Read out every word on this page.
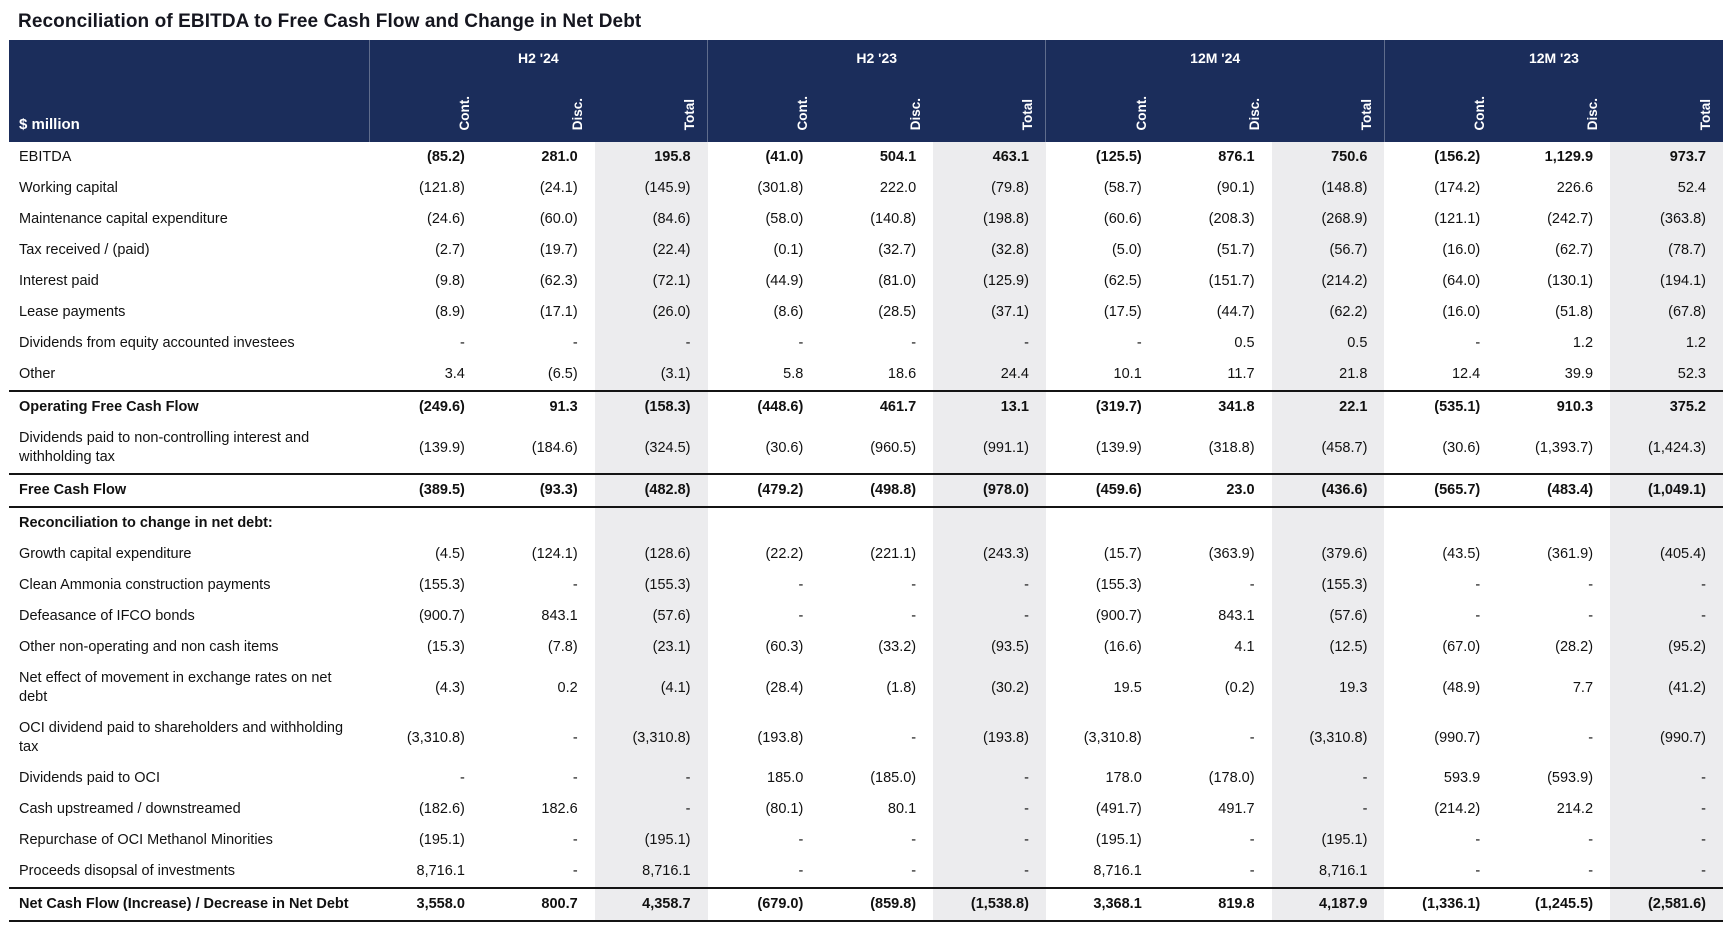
Reconciliation of EBITDA to Free Cash Flow and Change in Net Debt
	H2 '24			H2 '23			12M '24			12M '23		
$ million	Cont.	Disc.	Total	Cont.	Disc.	Total	Cont.	Disc.	Total	Cont.	Disc.	Total
EBITDA	(85.2)	281.0	195.8	(41.0)	504.1	463.1	(125.5)	876.1	750.6	(156.2)	1,129.9	973.7
Working capital	(121.8)	(24.1)	(145.9)	(301.8)	222.0	(79.8)	(58.7)	(90.1)	(148.8)	(174.2)	226.6	52.4
Maintenance capital expenditure	(24.6)	(60.0)	(84.6)	(58.0)	(140.8)	(198.8)	(60.6)	(208.3)	(268.9)	(121.1)	(242.7)	(363.8)
Tax received / (paid)	(2.7)	(19.7)	(22.4)	(0.1)	(32.7)	(32.8)	(5.0)	(51.7)	(56.7)	(16.0)	(62.7)	(78.7)
Interest paid	(9.8)	(62.3)	(72.1)	(44.9)	(81.0)	(125.9)	(62.5)	(151.7)	(214.2)	(64.0)	(130.1)	(194.1)
Lease payments	(8.9)	(17.1)	(26.0)	(8.6)	(28.5)	(37.1)	(17.5)	(44.7)	(62.2)	(16.0)	(51.8)	(67.8)
Dividends from equity accounted investees	-	-	-	-	-	-	-	0.5	0.5	-	1.2	1.2
Other	3.4	(6.5)	(3.1)	5.8	18.6	24.4	10.1	11.7	21.8	12.4	39.9	52.3
Operating Free Cash Flow	(249.6)	91.3	(158.3)	(448.6)	461.7	13.1	(319.7)	341.8	22.1	(535.1)	910.3	375.2
Dividends paid to non-controlling interest and withholding tax	(139.9)	(184.6)	(324.5)	(30.6)	(960.5)	(991.1)	(139.9)	(318.8)	(458.7)	(30.6)	(1,393.7)	(1,424.3)
Free Cash Flow	(389.5)	(93.3)	(482.8)	(479.2)	(498.8)	(978.0)	(459.6)	23.0	(436.6)	(565.7)	(483.4)	(1,049.1)
Reconciliation to change in net debt:												
Growth capital expenditure	(4.5)	(124.1)	(128.6)	(22.2)	(221.1)	(243.3)	(15.7)	(363.9)	(379.6)	(43.5)	(361.9)	(405.4)
Clean Ammonia construction payments	(155.3)	-	(155.3)	-	-	-	(155.3)	-	(155.3)	-	-	-
Defeasance of IFCO bonds	(900.7)	843.1	(57.6)	-	-	-	(900.7)	843.1	(57.6)	-	-	-
Other non-operating and non cash items	(15.3)	(7.8)	(23.1)	(60.3)	(33.2)	(93.5)	(16.6)	4.1	(12.5)	(67.0)	(28.2)	(95.2)
Net effect of movement in exchange rates on net debt	(4.3)	0.2	(4.1)	(28.4)	(1.8)	(30.2)	19.5	(0.2)	19.3	(48.9)	7.7	(41.2)
OCI dividend paid to shareholders and withholding tax	(3,310.8)	-	(3,310.8)	(193.8)	-	(193.8)	(3,310.8)	-	(3,310.8)	(990.7)	-	(990.7)
Dividends paid to OCI	-	-	-	185.0	(185.0)	-	178.0	(178.0)	-	593.9	(593.9)	-
Cash upstreamed / downstreamed	(182.6)	182.6	-	(80.1)	80.1	-	(491.7)	491.7	-	(214.2)	214.2	-
Repurchase of OCI Methanol Minorities	(195.1)	-	(195.1)	-	-	-	(195.1)	-	(195.1)	-	-	-
Proceeds disopsal of investments	8,716.1	-	8,716.1	-	-	-	8,716.1	-	8,716.1	-	-	-
Net Cash Flow (Increase) / Decrease in Net Debt	3,558.0	800.7	4,358.7	(679.0)	(859.8)	(1,538.8)	3,368.1	819.8	4,187.9	(1,336.1)	(1,245.5)	(2,581.6)
